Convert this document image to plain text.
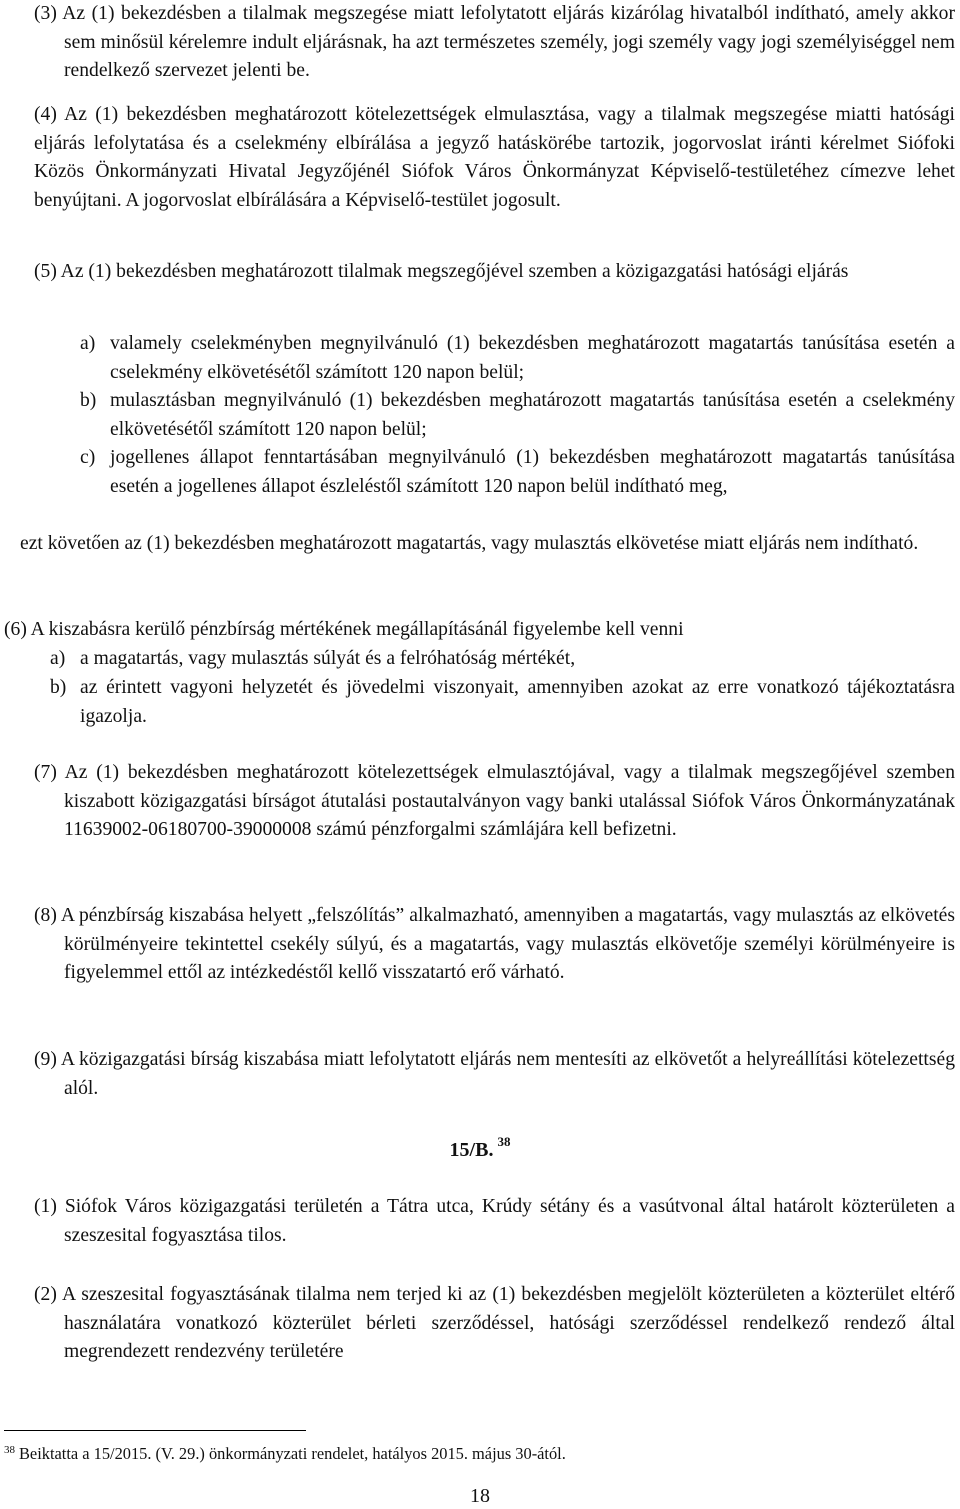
(3) Az (1) bekezdésben a tilalmak megszegése miatt lefolytatott eljárás kizárólag hivatalból indítható, amely akkor sem minősül kérelemre indult eljárásnak, ha azt természetes személy, jogi személy vagy jogi személyiséggel nem rendelkező szervezet jelenti be.

(4) Az (1) bekezdésben meghatározott kötelezettségek elmulasztása, vagy a tilalmak megszegése miatti hatósági eljárás lefolytatása és a cselekmény elbírálása a jegyző hatáskörébe tartozik, jogorvoslat iránti kérelmet Siófoki Közös Önkormányzati Hivatal Jegyzőjénél Siófok Város Önkormányzat Képviselő-testületéhez címezve lehet benyújtani. A jogorvoslat elbírálására a Képviselő-testület jogosult.

(5) Az (1) bekezdésben meghatározott tilalmak megszegőjével szemben a közigazgatási hatósági eljárás

a) valamely cselekményben megnyilvánuló (1) bekezdésben meghatározott magatartás tanúsítása esetén a cselekmény elkövetésétől számított 120 napon belül;

b) mulasztásban megnyilvánuló (1) bekezdésben meghatározott magatartás tanúsítása esetén a cselekmény elkövetésétől számított 120 napon belül;

c) jogellenes állapot fenntartásában megnyilvánuló (1) bekezdésben meghatározott magatartás tanúsítása esetén a jogellenes állapot észleléstől számított 120 napon belül indítható meg,

ezt követően az (1) bekezdésben meghatározott magatartás, vagy mulasztás elkövetése miatt eljárás nem indítható.

(6) A kiszabásra kerülő pénzbírság mértékének megállapításánál figyelembe kell venni

a) a magatartás, vagy mulasztás súlyát és a felróhatóság mértékét,

b) az érintett vagyoni helyzetét és jövedelmi viszonyait, amennyiben azokat az erre vonatkozó tájékoztatásra igazolja.

(7) Az (1) bekezdésben meghatározott kötelezettségek elmulasztójával, vagy a tilalmak megszegőjével szemben kiszabott közigazgatási bírságot átutalási postautalványon vagy banki utalással Siófok Város Önkormányzatának 11639002-06180700-39000008 számú pénzforgalmi számlájára kell befizetni.

(8) A pénzbírság kiszabása helyett „felszólítás” alkalmazható, amennyiben a magatartás, vagy mulasztás az elkövetés körülményeire tekintettel csekély súlyú, és a magatartás, vagy mulasztás elkövetője személyi körülményeire is figyelemmel ettől az intézkedéstől kellő visszatartó erő várható.

(9) A közigazgatási bírság kiszabása miatt lefolytatott eljárás nem mentesíti az elkövetőt a helyreállítási kötelezettség alól.

15/B. $^{38}$

(1) Siófok Város közigazgatási területén a Tátra utca, Krúdy sétány és a vasútvonal által határolt közterületen a szeszesital fogyasztása tilos.

(2) A szeszesital fogyasztásának tilalma nem terjed ki az (1) bekezdésben megjelölt közterületen a közterület eltérő használatára vonatkozó közterület bérleti szerződéssel, hatósági szerződéssel rendelkező rendező által megrendezett rendezvény területére

$^{38}$ Beiktatta a 15/2015. (V. 29.) önkormányzati rendelet, hatályos 2015. május 30-ától.
18
